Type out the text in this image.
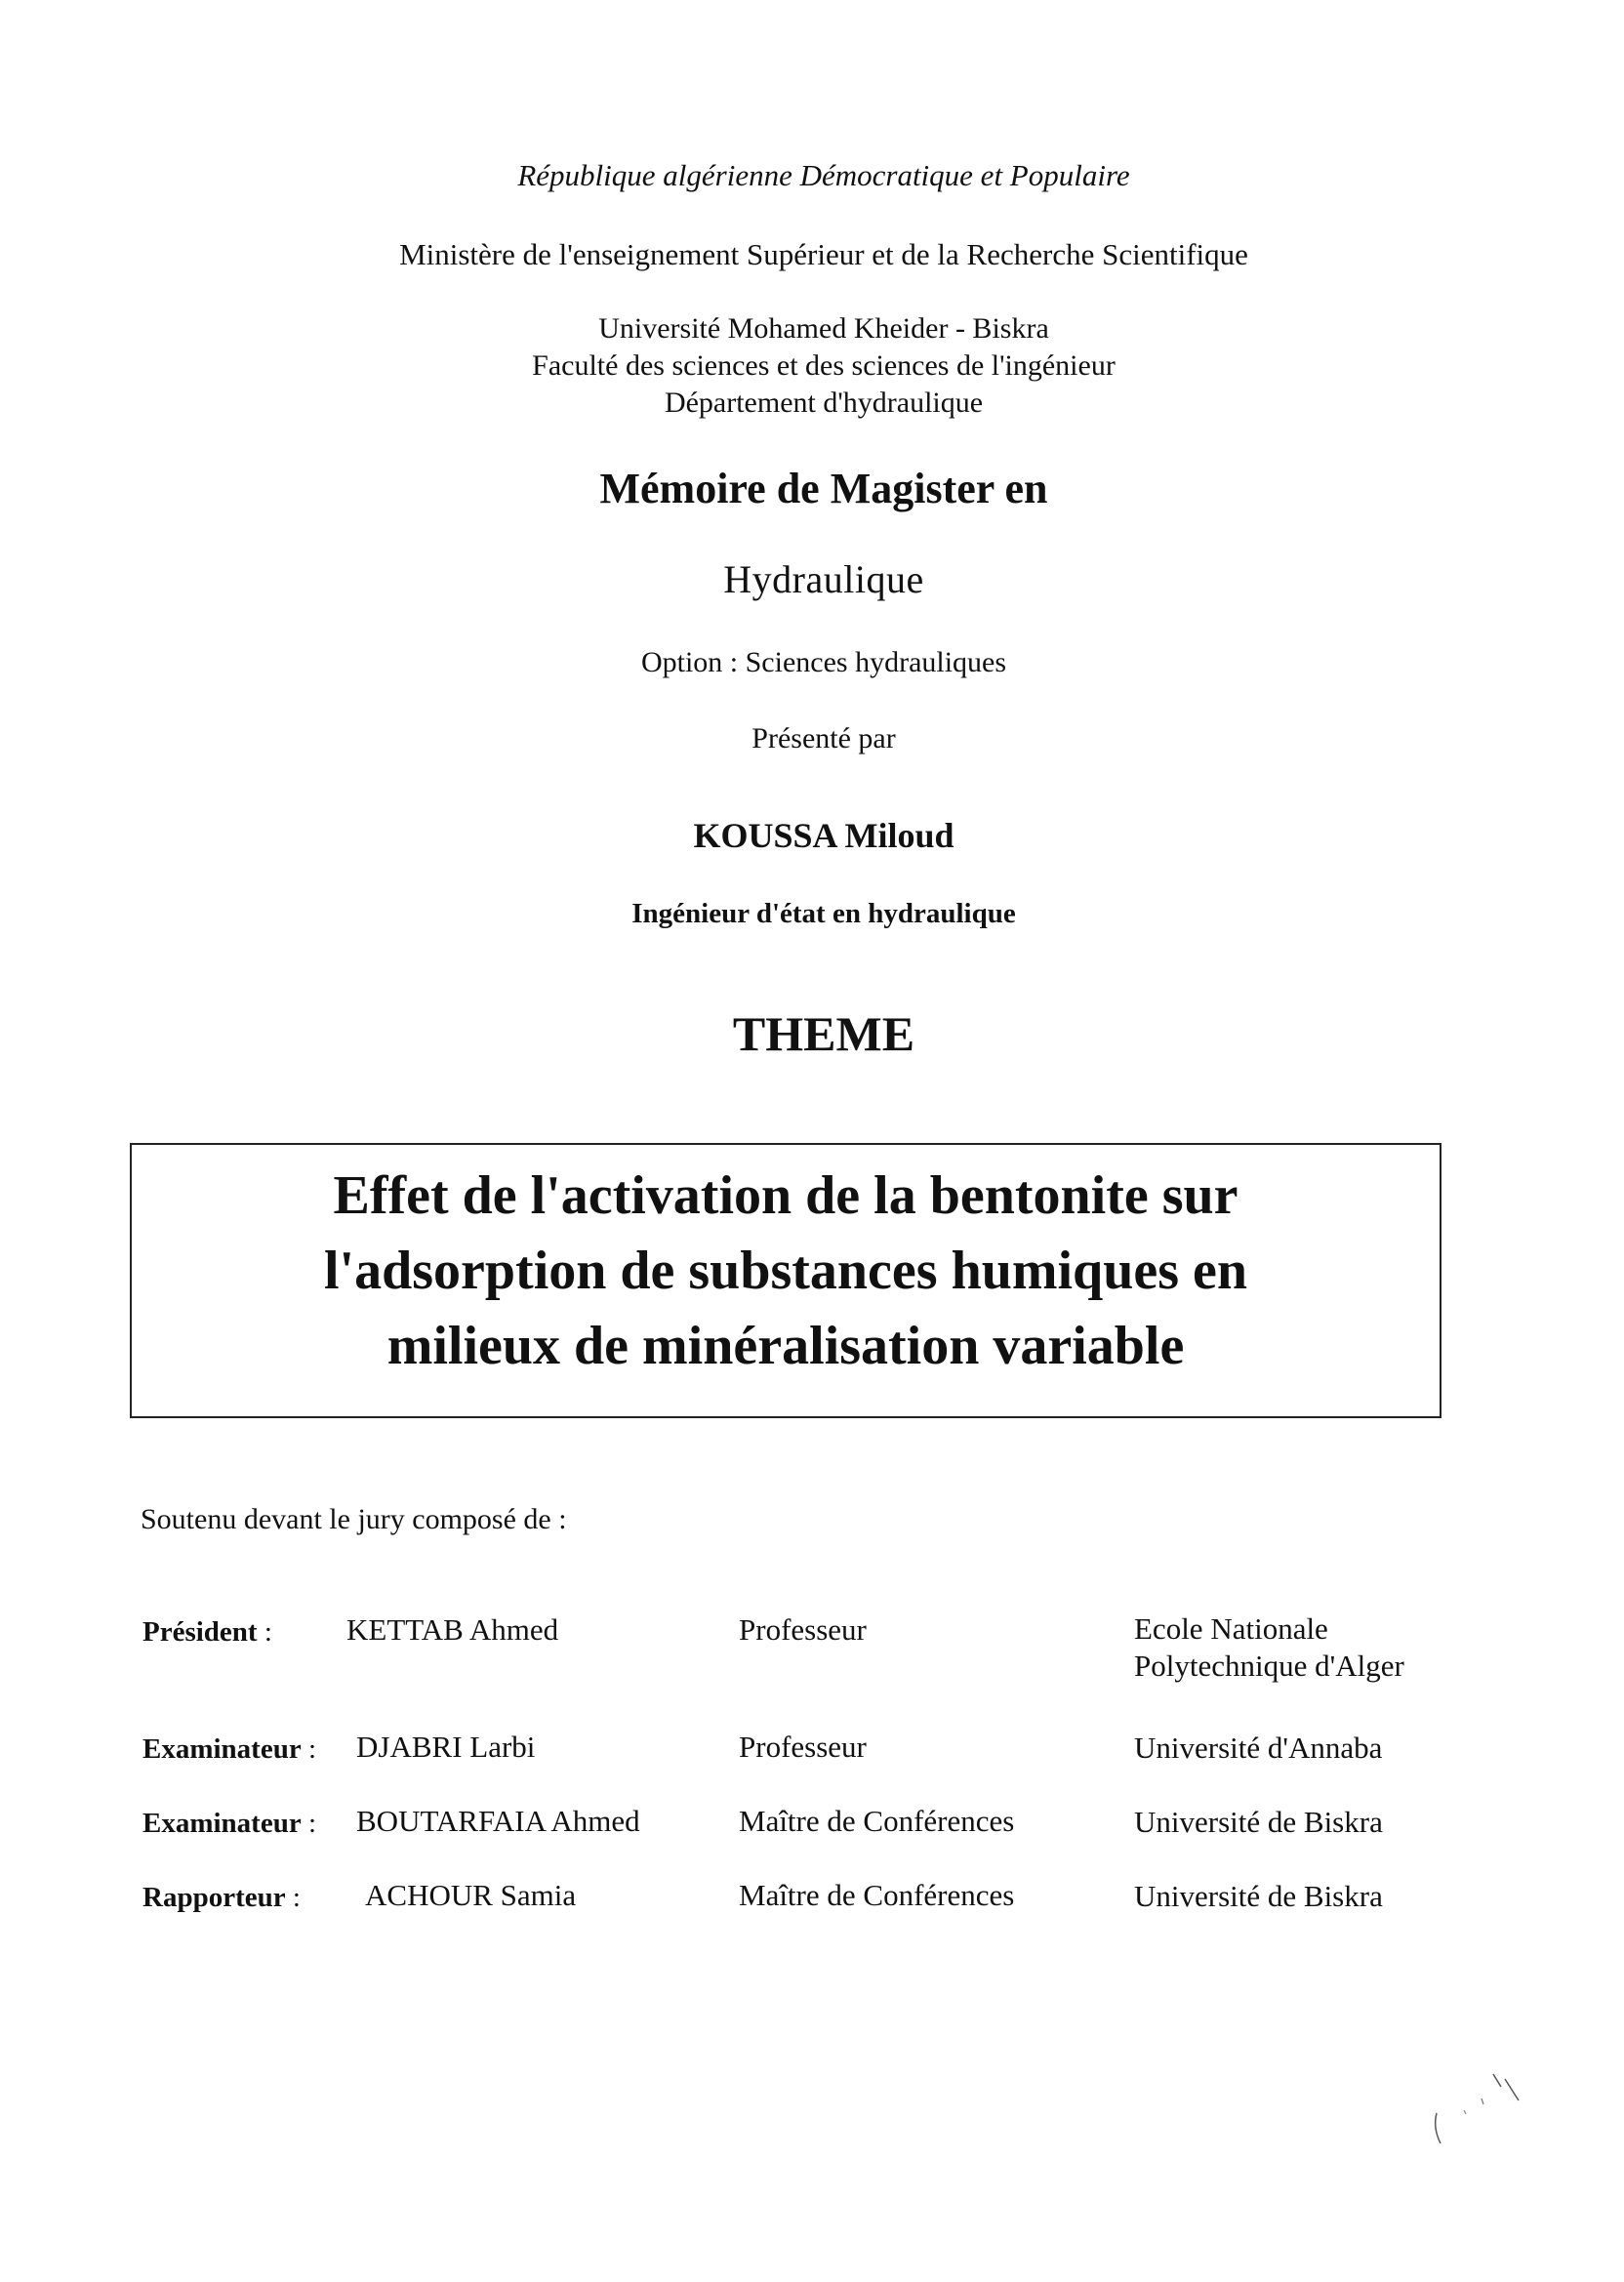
République algérienne Démocratique et Populaire
Ministère de l'enseignement Supérieur et de la Recherche Scientifique
Université Mohamed Kheider - Biskra
Faculté des sciences et des sciences de l'ingénieur
Département d'hydraulique
Mémoire de Magister en
Hydraulique
Option : Sciences hydrauliques
Présenté par
KOUSSA Miloud
Ingénieur d'état en hydraulique
THEME
Effet de l'activation de la bentonite sur
l'adsorption de substances humiques en
milieux de minéralisation variable
Soutenu devant le jury composé de :
Président : KETTAB Ahmed	Professeur	Ecole Nationale
Polytechnique d'Alger
Examinateur : DJABRI Larbi	Professeur	Université d'Annaba
Examinateur : BOUTARFAIA Ahmed	Maître de Conférences	Université de Biskra
Rapporteur : ACHOUR Samia	Maître de Conférences	Université de Biskra
